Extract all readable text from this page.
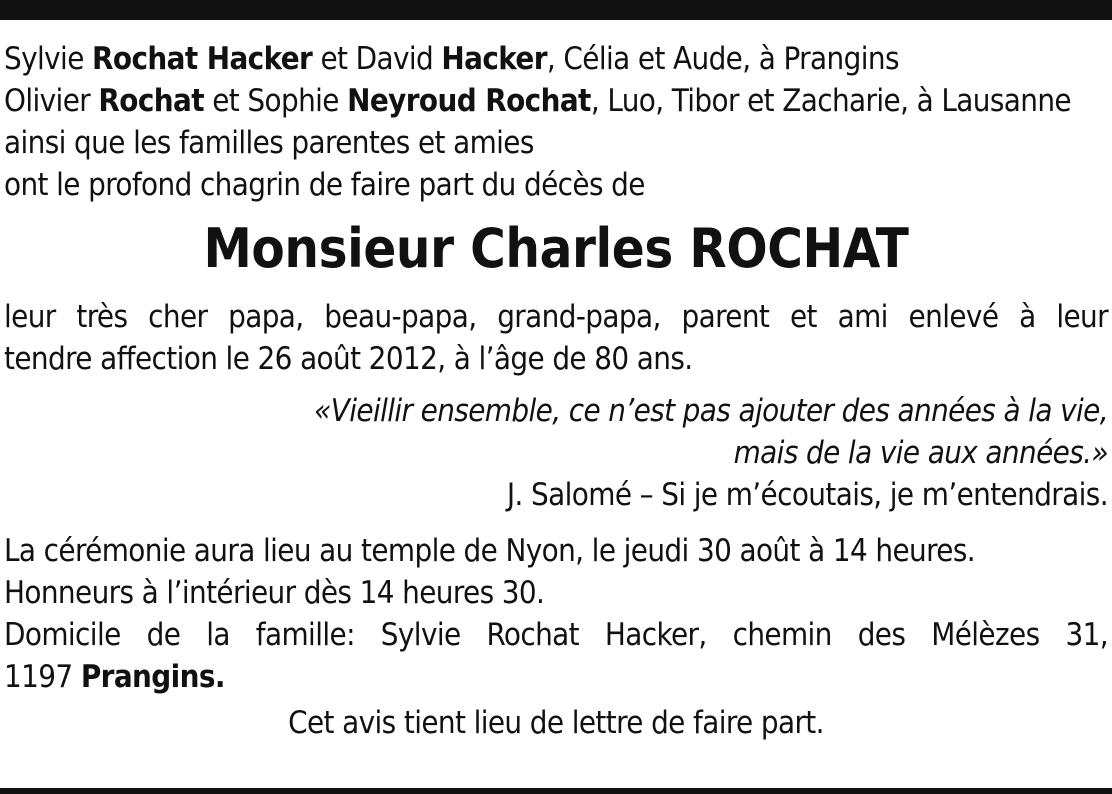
Sylvie Rochat Hacker et David Hacker, Célia et Aude, à Prangins
Olivier Rochat et Sophie Neyroud Rochat, Luo, Tibor et Zacharie, à Lausanne
ainsi que les familles parentes et amies
ont le profond chagrin de faire part du décès de
Monsieur Charles ROCHAT
leur très cher papa, beau-papa, grand-papa, parent et ami enlevé à leur
tendre affection le 26 août 2012, à l’âge de 80 ans.
«Vieillir ensemble, ce n’est pas ajouter des années à la vie,
mais de la vie aux années.»
J. Salomé – Si je m’écoutais, je m’entendrais.
La cérémonie aura lieu au temple de Nyon, le jeudi 30 août à 14 heures.
Honneurs à l’intérieur dès 14 heures 30.
Domicile de la famille: Sylvie Rochat Hacker, chemin des Mélèzes 31,
1197 Prangins.
Cet avis tient lieu de lettre de faire part.
